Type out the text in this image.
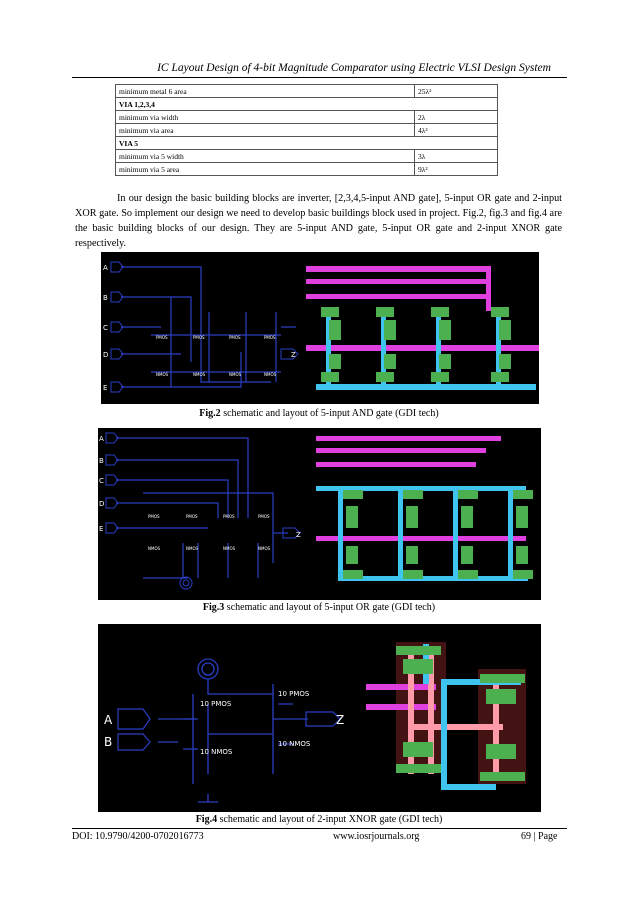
IC Layout Design of 4-bit Magnitude Comparator using Electric VLSI Design System
minimum metal 6 area	25λ²
VIA 1,2,3,4	
minimum via width	2λ
minimum via area	4λ²
VIA 5	
minimum via 5 width	3λ
minimum via 5 area	9λ²

In our design the basic building blocks are inverter, [2,3,4,5-input AND gate], 5-input OR gate and 2-input XOR gate. So implement our design we need to develop basic buildings block used in project. Fig.2, fig.3 and fig.4 are the basic building blocks of our design. They are 5-input AND gate, 5-input OR gate and 2-input XNOR gate respectively.

A
B
C
D
E
Z
PMOS	PMOS	PMOS	PMOS
NMOS	NMOS	NMOS	NMOS
Fig.2 schematic and layout of 5-input AND gate (GDI tech)
A
B
C
D
E
Z
PMOS	PMOS	PMOS	PMOS
NMOS	NMOS	NMOS	NMOS
Fig.3 schematic and layout of 5-input OR gate (GDI tech)
A
B
Z
10 PMOS
10 PMOS
10 NMOS
10 NMOS
Fig.4 schematic and layout of 2-input XNOR gate (GDI tech)
DOI: 10.9790/4200-0702016773	www.iosrjournals.org	69 | Page
